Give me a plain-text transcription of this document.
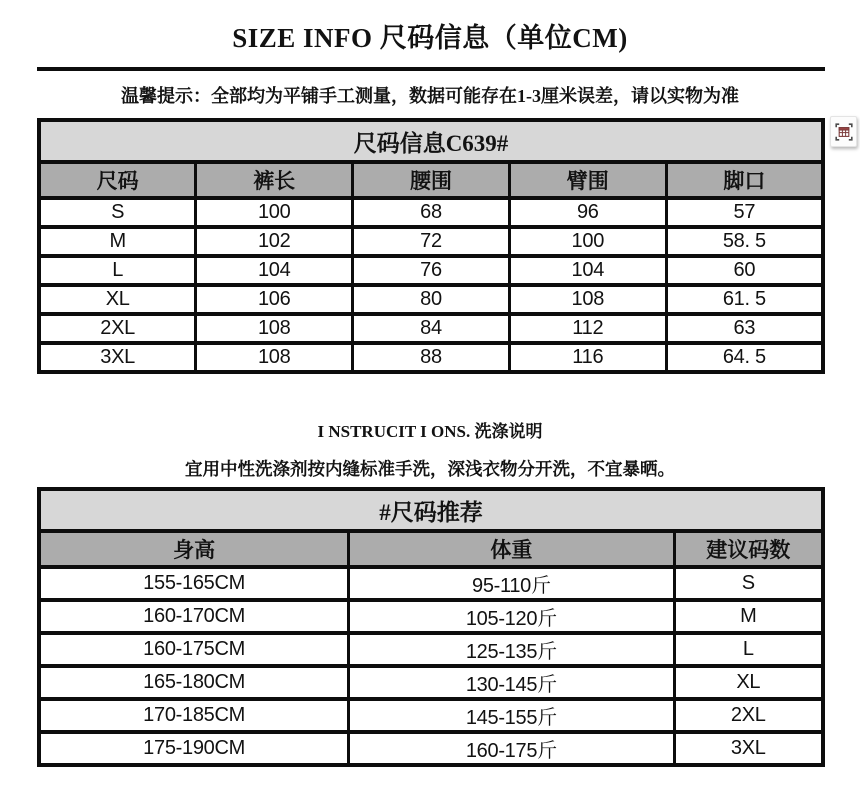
SIZE INFO 尺码信息（单位CM)
温馨提示：全部均为平铺手工测量，数据可能存在1-3厘米误差，请以实物为准
尺码信息C639#				
尺码	裤长	腰围	臂围	脚口
S	100	68	96	57
M	102	72	100	58. 5
L	104	76	104	60
XL	106	80	108	61. 5
2XL	108	84	112	63
3XL	108	88	116	64. 5
I NSTRUCIT I ONS. 洗涤说明
宜用中性洗涤剂按内缝标准手洗，深浅衣物分开洗，不宜暴晒。
#尺码推荐		
身高	体重	建议码数
155-165CM	95-110斤	S
160-170CM	105-120斤	M
160-175CM	125-135斤	L
165-180CM	130-145斤	XL
170-185CM	145-155斤	2XL
175-190CM	160-175斤	3XL
